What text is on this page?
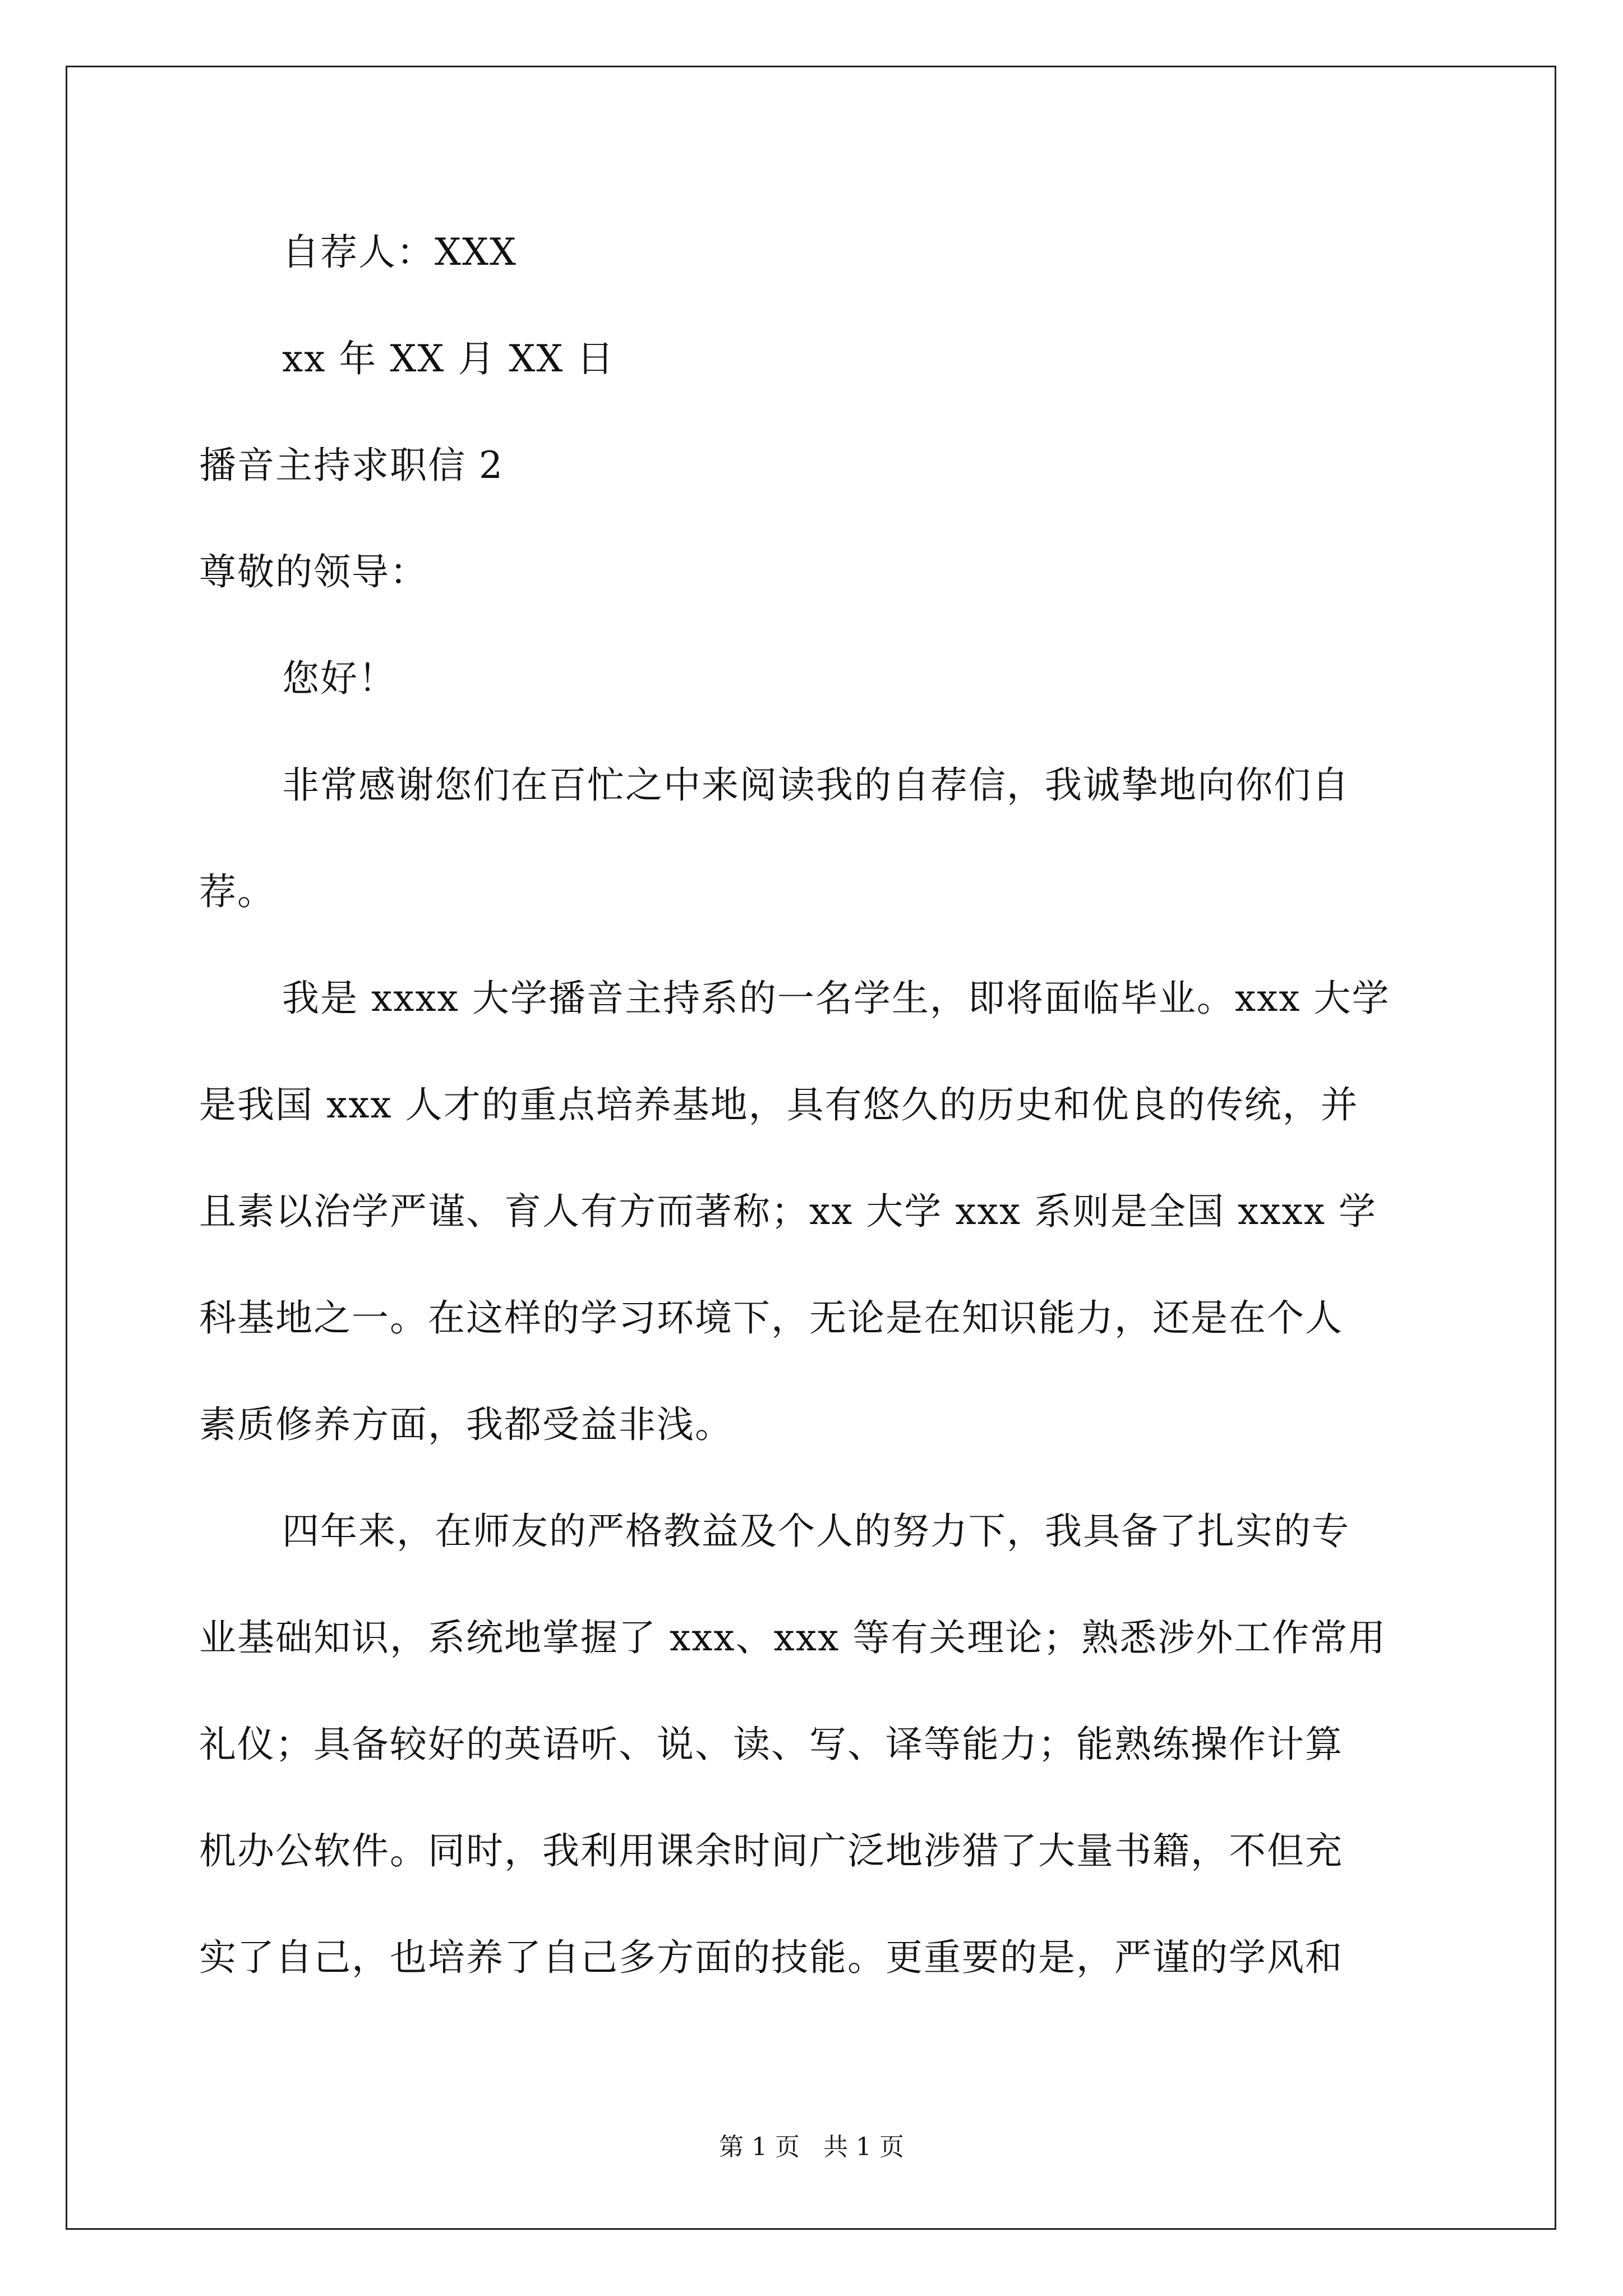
自荐人：XXX
xx 年 XX 月 XX 日
播音主持求职信 2
尊敬的领导：
您好！
非常感谢您们在百忙之中来阅读我的自荐信，我诚挚地向你们自
荐。
我是 xxxx 大学播音主持系的一名学生，即将面临毕业。xxx 大学
是我国 xxx 人才的重点培养基地，具有悠久的历史和优良的传统，并
且素以治学严谨、育人有方而著称；xx 大学 xxx 系则是全国 xxxx 学
科基地之一。在这样的学习环境下，无论是在知识能力，还是在个人
素质修养方面，我都受益非浅。
四年来，在师友的严格教益及个人的努力下，我具备了扎实的专
业基础知识，系统地掌握了 xxx、xxx 等有关理论；熟悉涉外工作常用
礼仪；具备较好的英语听、说、读、写、译等能力；能熟练操作计算
机办公软件。同时，我利用课余时间广泛地涉猎了大量书籍，不但充
实了自己，也培养了自己多方面的技能。更重要的是，严谨的学风和
第 1 页 共 1 页
